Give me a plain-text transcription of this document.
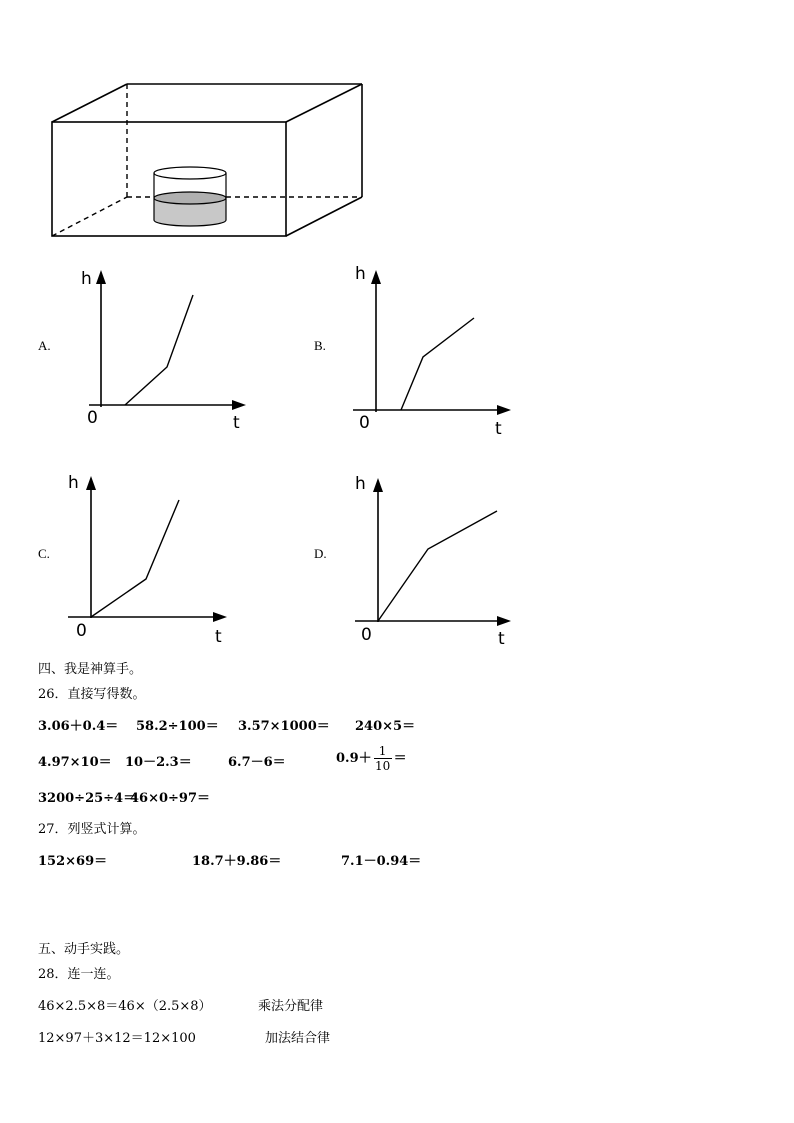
A.
h
t
0
B.
h
t
0
C.
h
t
0
D.
h
t
0
四、我是神算手。
26．直接写得数。
3.06＋0.4＝ 58.2÷100＝ 3.57×1000＝ 240×5＝
4.97×10＝ 10－2.3＝	6.7－6＝	$0.9+ \frac{1}{10}$ ＝
3200÷25÷4＝
46×0÷97＝
27．列竖式计算。
152×69＝	18.7＋9.86＝	7.1－0.94＝
五、动手实践。
28．连一连。
46×2.5×8＝46×（2.5×8）	乘法分配律
12×97＋3×12＝12×100	加法结合律
